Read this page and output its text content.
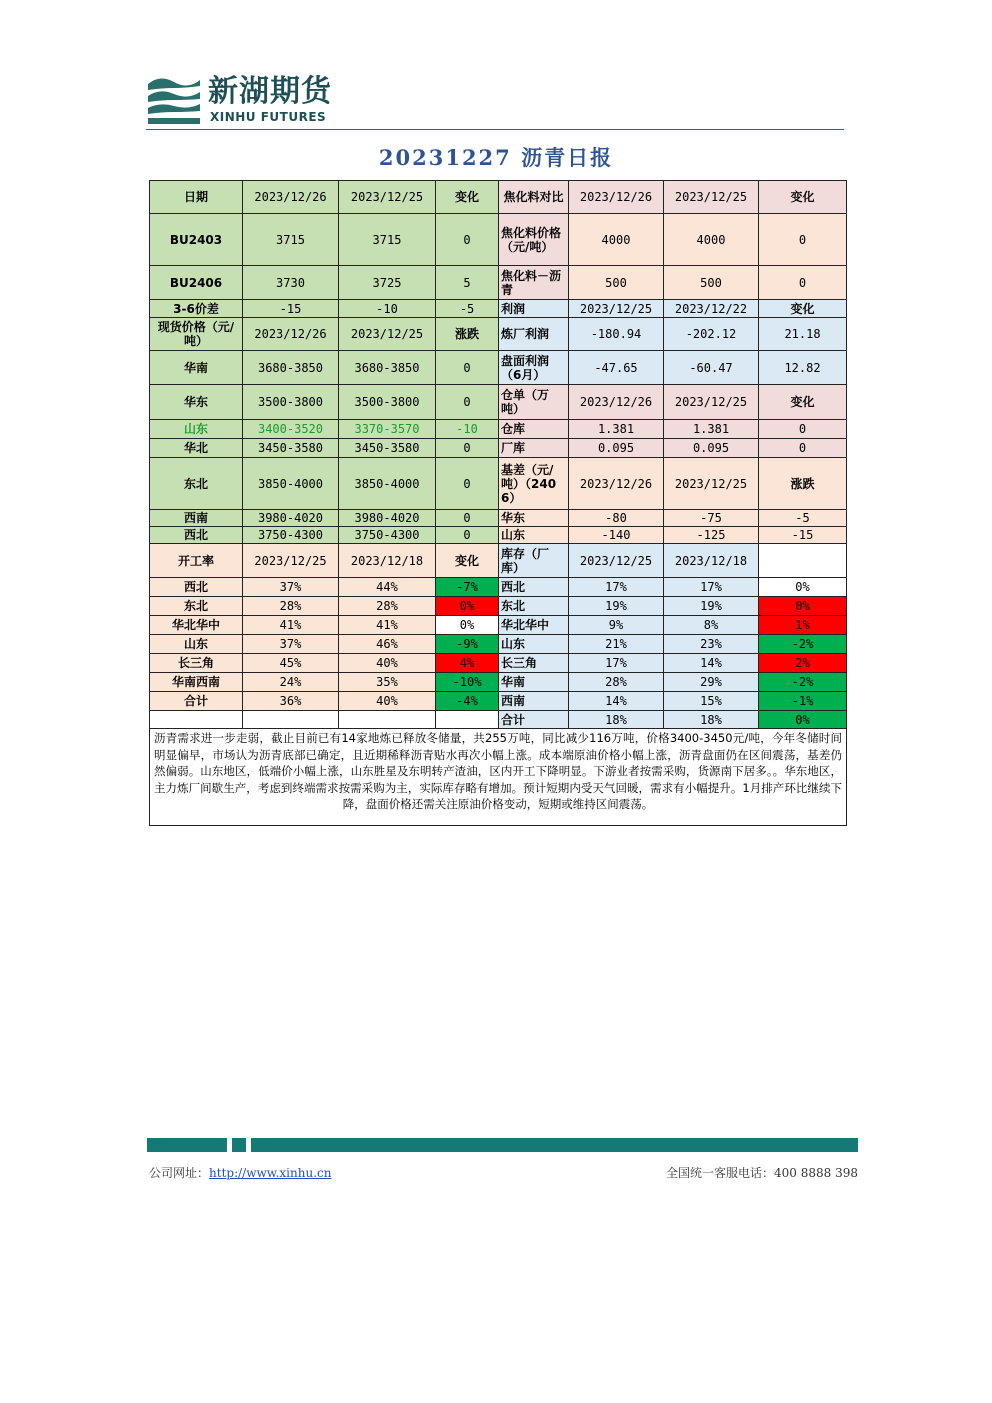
新湖期货
XINHU FUTURES
20231227 沥青日报
日期	2023/12/26	2023/12/25	变化	焦化料对比	2023/12/26	2023/12/25	变化
BU2403	3715	3715	0	焦化料价格（元/吨）	4000	4000	0
BU2406	3730	3725	5	焦化料－沥青	500	500	0
3-6价差	-15	-10	-5	利润	2023/12/25	2023/12/22	变化
现货价格（元/吨）	2023/12/26	2023/12/25	涨跌	炼厂利润	-180.94	-202.12	21.18
华南	3680-3850	3680-3850	0	盘面利润（6月）	-47.65	-60.47	12.82
华东	3500-3800	3500-3800	0	仓单（万吨）	2023/12/26	2023/12/25	变化
山东	3400-3520	3370-3570	-10	仓库	1.381	1.381	0
华北	3450-3580	3450-3580	0	厂库	0.095	0.095	0
东北	3850-4000	3850-4000	0	基差（元/吨）（2406）	2023/12/26	2023/12/25	涨跌
西南	3980-4020	3980-4020	0	华东	-80	-75	-5
西北	3750-4300	3750-4300	0	山东	-140	-125	-15
开工率	2023/12/25	2023/12/18	变化	库存（厂库）	2023/12/25	2023/12/18	
西北	37%	44%	-7%	西北	17%	17%	0%
东北	28%	28%	0%	东北	19%	19%	0%
华北华中	41%	41%	0%	华北华中	9%	8%	1%
山东	37%	46%	-9%	山东	21%	23%	-2%
长三角	45%	40%	4%	长三角	17%	14%	2%
华南西南	24%	35%	-10%	华南	28%	29%	-2%
合计	36%	40%	-4%	西南	14%	15%	-1%
				合计	18%	18%	0%
沥青需求进一步走弱，截止目前已有14家地炼已释放冬储量，共255万吨，同比减少116万吨，价格3400-3450元/吨，今年冬储时间明显偏早，市场认为沥青底部已确定，且近期稀释沥青贴水再次小幅上涨。成本端原油价格小幅上涨，沥青盘面仍在区间震荡，基差仍然偏弱。山东地区，低端价小幅上涨，山东胜星及东明转产渣油，区内开工下降明显。下游业者按需采购，货源南下居多。。华东地区，主力炼厂间歇生产，考虑到终端需求按需采购为主，实际库存略有增加。预计短期内受天气回暖，需求有小幅提升。1月排产环比继续下降，盘面价格还需关注原油价格变动，短期或维持区间震荡。							
公司网址：http://www.xinhu.cn	全国统一客服电话：400 8888 398
